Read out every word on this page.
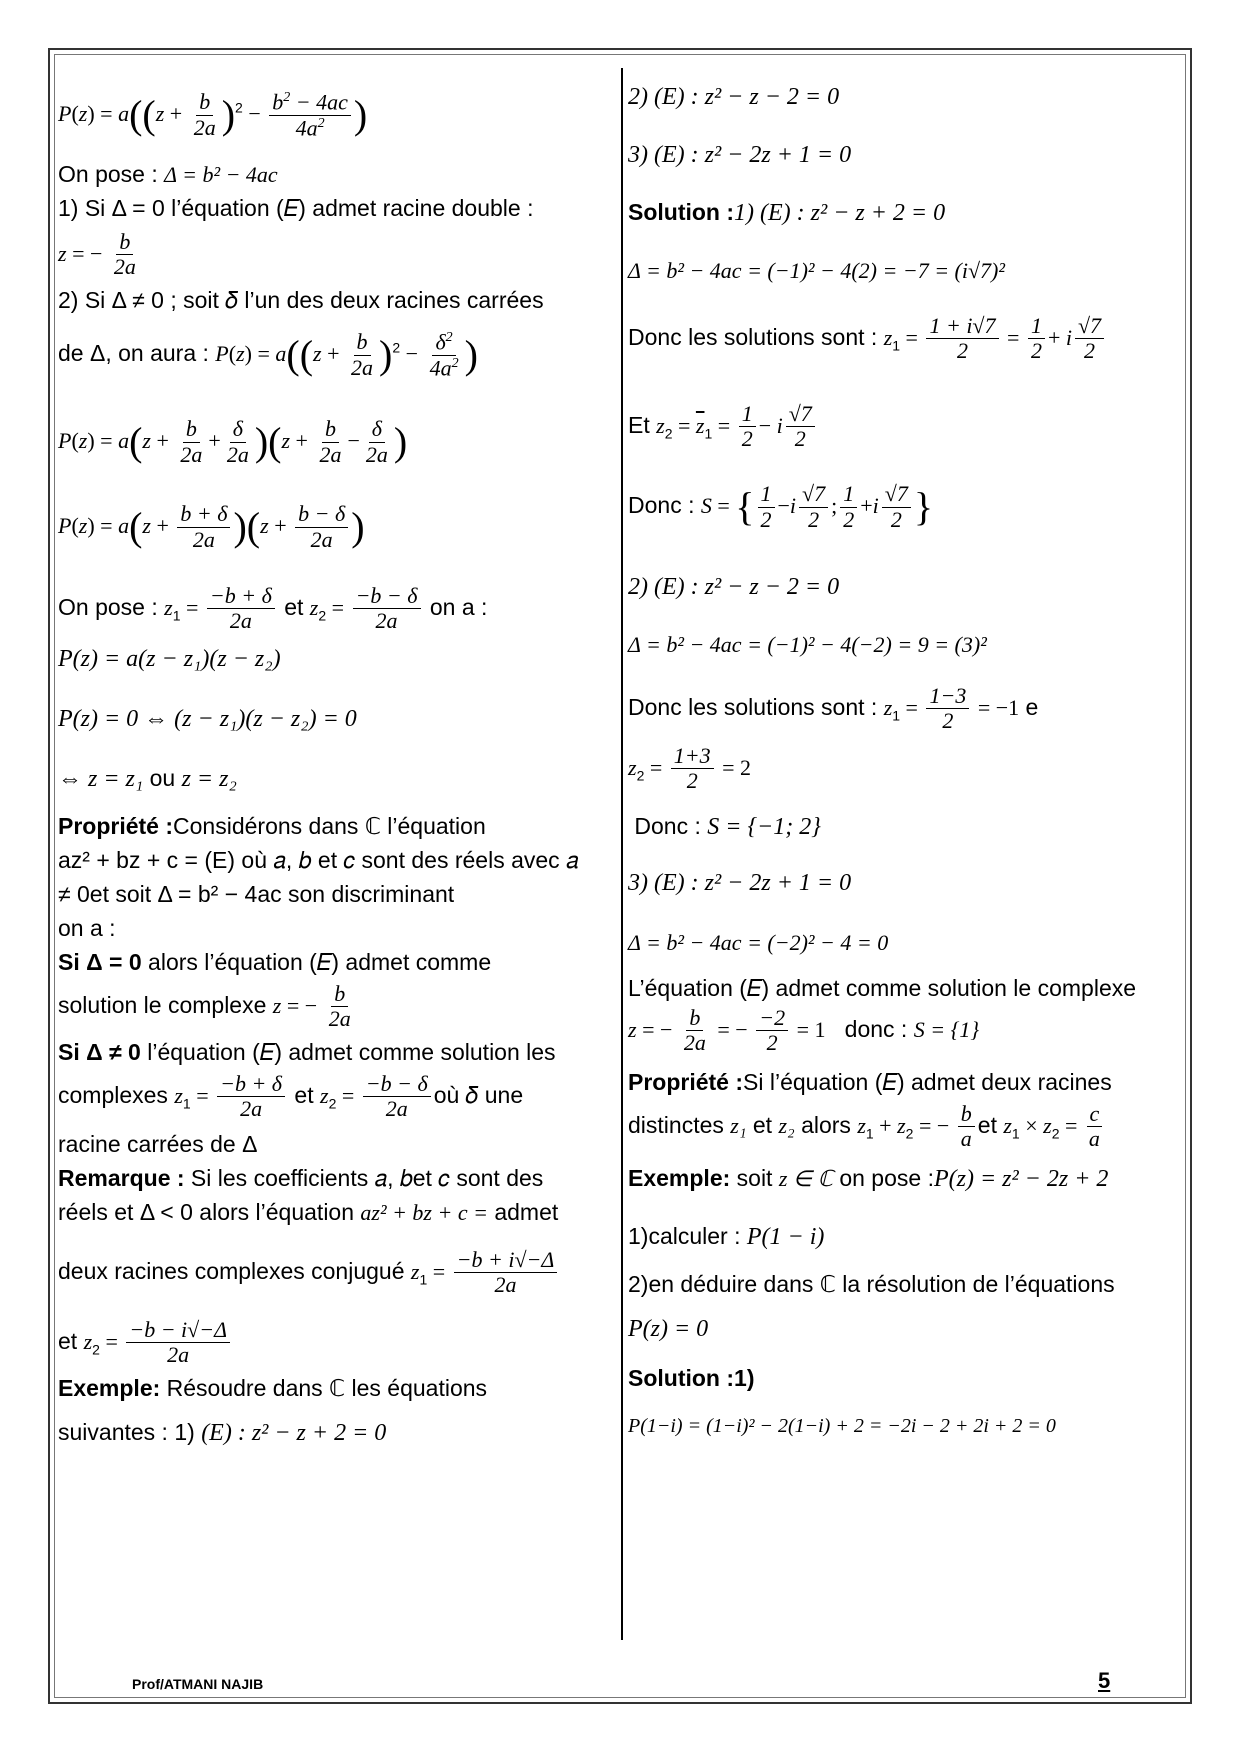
$P(z) = a((z + \frac{b}{2a} )^2 - \frac{b^2 - 4ac}{4a^2}$ )
On pose : Δ = b² − 4ac
1) Si Δ = 0 l’équation (𝐸) admet racine double :
z = − $\frac{b}{2a}$
2) Si Δ ≠ 0 ; soit 𝛿 l’un des deux racines carrées
de Δ, on aura : $P(z) = a((z + \frac{b}{2a} )^2 - \frac{\delta^2}{4a^2}$ )
$P(z) = a(z + \frac{b}{2a} + \frac{\delta}{2a} )(z + \frac{b}{2a} - \frac{\delta}{2a}$ )
$P(z) = a(z + \frac{b + \delta}{2a} )(z + \frac{b - \delta}{2a}$ )
On pose : $z_1 = \frac{-b + \delta}{2a}$ et $z_2 = \frac{-b - \delta}{2a}$ on a :
P(z) = a(z − z₁)(z − z₂)
P(z) = 0 ⇔ (z − z₁)(z − z₂) = 0
⇔ z = z₁ ou z = z₂
Propriété :Considérons dans ℂ l’équation
az² + bz + c = (E) où 𝑎, 𝑏 et 𝑐 sont des réels avec 𝑎
≠ 0et soit Δ = b² − 4ac son discriminant
on a :
Si Δ = 0 alors l’équation (𝐸) admet comme
solution le complexe z = − $\frac{b}{2a}$
Si Δ ≠ 0 l’équation (𝐸) admet comme solution les
complexes $z_1 = \frac{-b + \delta}{2a}$ et $z_2 = \frac{-b - \delta}{2a}$ où 𝛿 une
racine carrées de Δ
Remarque : Si les coefficients 𝑎, 𝑏et 𝑐 sont des
réels et Δ < 0 alors l’équation az² + bz + c = admet
deux racines complexes conjugué $z_1 = \frac{-b + i√-\Delta}{2a}$
et $z_2 = \frac{-b - i√-\Delta}{2a}$
Exemple: Résoudre dans ℂ les équations
suivantes : 1) (E) : z² − z + 2 = 0
2) (E) : z² − z − 2 = 0
3) (E) : z² − 2z + 1 = 0
Solution :1) (E) : z² − z + 2 = 0
Δ = b² − 4ac = (−1)² − 4(2) = −7 = (i√7)²
Donc les solutions sont : $z_1 = \frac{1 + i√7}{2} = \frac{1}{2} + i \frac{√7}{2}$
Et $z_2 = \overline{z}_1 = \frac{1}{2} - i \frac{√7}{2}$
Donc : S = { $\frac{1}{2} -i \frac{√7}{2}$ ; $\frac{1}{2} +i \frac{√7}{2}$ }
2) (E) : z² − z − 2 = 0
Δ = b² − 4ac = (−1)² − 4(−2) = 9 = (3)²
Donc les solutions sont : $z_1 = \frac{1-3}{2} = -1$ e
$z_2 = \frac{1+3}{2} = 2$
Donc : S = {−1; 2}
3) (E) : z² − 2z + 1 = 0
Δ = b² − 4ac = (−2)² − 4 = 0
L’équation (𝐸) admet comme solution le complexe
z = − $\frac{b}{2a}$ = − $\frac{-2}{2} = 1$ donc : S = {1}
Propriété :Si l’équation (𝐸) admet deux racines
distinctes z₁ et z₂ alors $z_1 + z_2$ = − $\frac{b}{a}$ et $z_1 \times z_2 = \frac{c}{a}$
Exemple: soit z ∈ ℂ on pose :P(z) = z² − 2z + 2
1)calculer : P(1 − i)
2)en déduire dans ℂ la résolution de l’équations
P(z) = 0
Solution :1)
P(1−i) = (1−i)² − 2(1−i) + 2 = −2i − 2 + 2i + 2 = 0
Prof/ATMANI NAJIB	5
